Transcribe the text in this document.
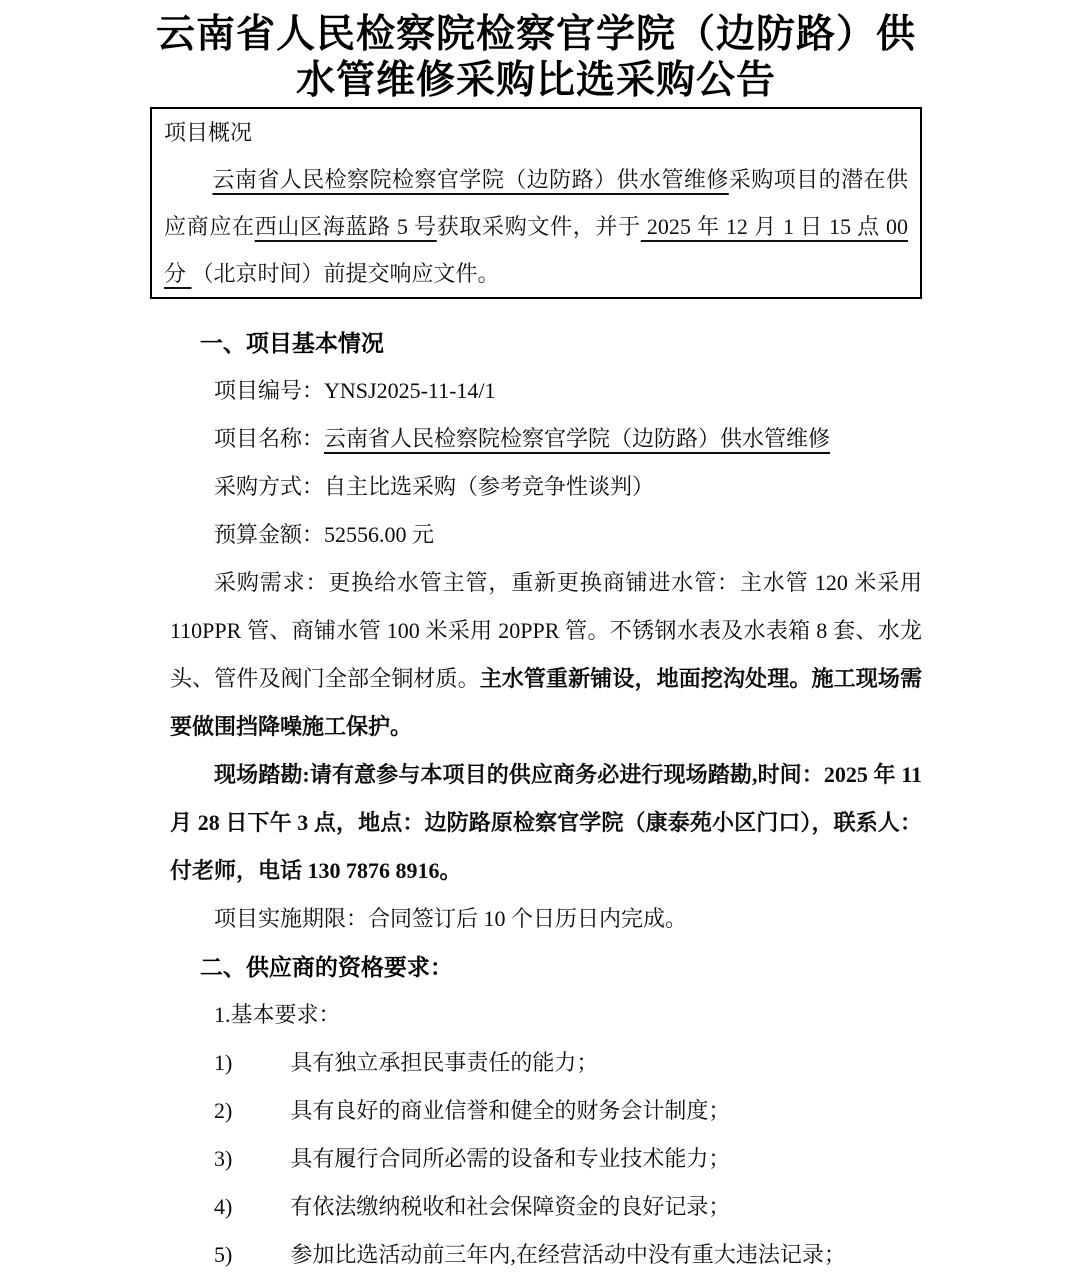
云南省人民检察院检察官学院（边防路）供
水管维修采购比选采购公告

项目概况

云南省人民检察院检察官学院（边防路）供水管维修采购项目的潜在供应商应在西山区海蓝路 5 号获取采购文件，并于 2025 年 12 月 1 日 15 点 00 分 （北京时间）前提交响应文件。

一、项目基本情况

项目编号：YNSJ2025-11-14/1

项目名称：云南省人民检察院检察官学院（边防路）供水管维修

采购方式：自主比选采购（参考竞争性谈判）

预算金额：52556.00 元

采购需求：更换给水管主管，重新更换商铺进水管：主水管 120 米采用 110PPR 管、商铺水管 100 米采用 20PPR 管。不锈钢水表及水表箱 8 套、水龙头、管件及阀门全部全铜材质。主水管重新铺设，地面挖沟处理。施工现场需要做围挡降噪施工保护。

现场踏勘:请有意参与本项目的供应商务必进行现场踏勘,时间：2025 年 11 月 28 日下午 3 点，地点：边防路原检察官学院（康泰苑小区门口），联系人：付老师，电话 130 7876 8916。

项目实施期限：合同签订后 10 个日历日内完成。

二、供应商的资格要求：

1.基本要求：

1)	具有独立承担民事责任的能力；

2)	具有良好的商业信誉和健全的财务会计制度；

3)	具有履行合同所必需的设备和专业技术能力；

4)	有依法缴纳税收和社会保障资金的良好记录；

5)	参加比选活动前三年内,在经营活动中没有重大违法记录；
